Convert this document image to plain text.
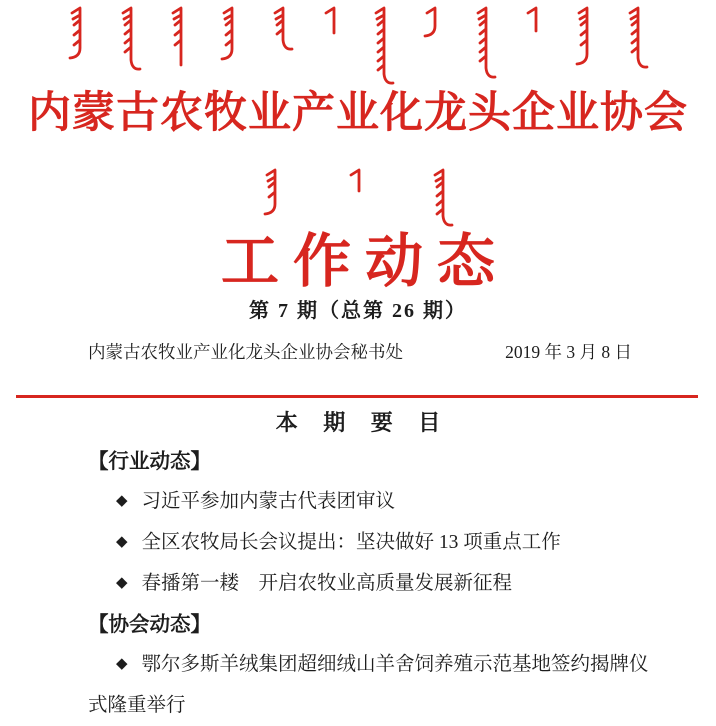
内蒙古农牧业产业化龙头企业协会
工作动态
第 7 期（总第 26 期）
内蒙古农牧业产业化龙头企业协会秘书处	2019 年 3 月 8 日
本 期 要 目
【行业动态】
◆ 习近平参加内蒙古代表团审议
◆ 全区农牧局长会议提出：坚决做好 13 项重点工作
◆ 春播第一耧　开启农牧业高质量发展新征程
【协会动态】
◆ 鄂尔多斯羊绒集团超细绒山羊舍饲养殖示范基地签约揭牌仪式隆重举行
